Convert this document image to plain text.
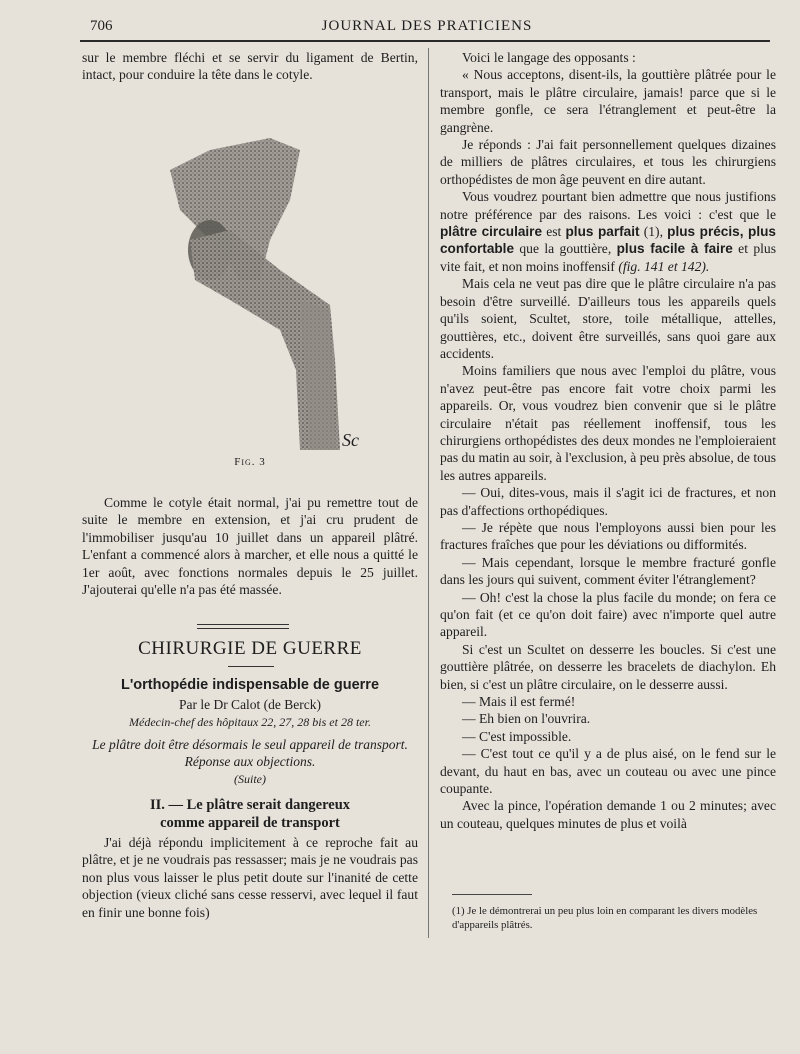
706	JOURNAL DES PRATICIENS

sur le membre fléchi et se servir du ligament de Bertin, intact, pour conduire la tête dans le cotyle.

Sc
Fig. 3

Comme le cotyle était normal, j'ai pu remettre tout de suite le membre en extension, et j'ai cru prudent de l'immobiliser jusqu'au 10 juillet dans un appareil plâtré. L'enfant a commencé alors à marcher, et elle nous a quitté le 1er août, avec fonctions normales depuis le 25 juillet. J'ajouterai qu'elle n'a pas été massée.

CHIRURGIE DE GUERRE
L'orthopédie indispensable de guerre
Par le Dr Calot (de Berck)
Médecin-chef des hôpitaux 22, 27, 28 bis et 28 ter.
Le plâtre doit être désormais le seul appareil de transport.
Réponse aux objections.
(Suite)
II. — Le plâtre serait dangereux
comme appareil de transport

J'ai déjà répondu implicitement à ce reproche fait au plâtre, et je ne voudrais pas ressasser; mais je ne voudrais pas non plus vous laisser le plus petit doute sur l'inanité de cette objection (vieux cliché sans cesse resservi, avec lequel il faut en finir une bonne fois)

Voici le langage des opposants :

« Nous acceptons, disent-ils, la gouttière plâtrée pour le transport, mais le plâtre circulaire, jamais! parce que si le membre gonfle, ce sera l'étranglement et peut-être la gangrène.

Je réponds : J'ai fait personnellement quelques dizaines de milliers de plâtres circulaires, et tous les chirurgiens orthopédistes de mon âge peuvent en dire autant.

Vous voudrez pourtant bien admettre que nous justifions notre préférence par des raisons. Les voici : c'est que le plâtre circulaire est plus parfait (1), plus précis, plus confortable que la gouttière, plus facile à faire et plus vite fait, et non moins inoffensif (fig. 141 et 142).

Mais cela ne veut pas dire que le plâtre circulaire n'a pas besoin d'être surveillé. D'ailleurs tous les appareils quels qu'ils soient, Scultet, store, toile métallique, attelles, gouttières, etc., doivent être surveillés, sans quoi gare aux accidents.

Moins familiers que nous avec l'emploi du plâtre, vous n'avez peut-être pas encore fait votre choix parmi les appareils. Or, vous voudrez bien convenir que si le plâtre circulaire n'était pas réellement inoffensif, tous les chirurgiens orthopédistes des deux mondes ne l'emploieraient pas du matin au soir, à l'exclusion, à peu près absolue, de tous les autres appareils.

— Oui, dites-vous, mais il s'agit ici de fractures, et non pas d'affections orthopédiques.

— Je répète que nous l'employons aussi bien pour les fractures fraîches que pour les déviations ou difformités.

— Mais cependant, lorsque le membre fracturé gonfle dans les jours qui suivent, comment éviter l'étranglement?

— Oh! c'est la chose la plus facile du monde; on fera ce qu'on fait (et ce qu'on doit faire) avec n'importe quel autre appareil.

Si c'est un Scultet on desserre les boucles. Si c'est une gouttière plâtrée, on desserre les bracelets de diachylon. Eh bien, si c'est un plâtre circulaire, on le desserre aussi.

— Mais il est fermé!

— Eh bien on l'ouvrira.

— C'est impossible.

— C'est tout ce qu'il y a de plus aisé, on le fend sur le devant, du haut en bas, avec un couteau ou avec une pince coupante.

Avec la pince, l'opération demande 1 ou 2 minutes; avec un couteau, quelques minutes de plus et voilà

(1) Je le démontrerai un peu plus loin en comparant les divers modèles d'appareils plâtrés.
